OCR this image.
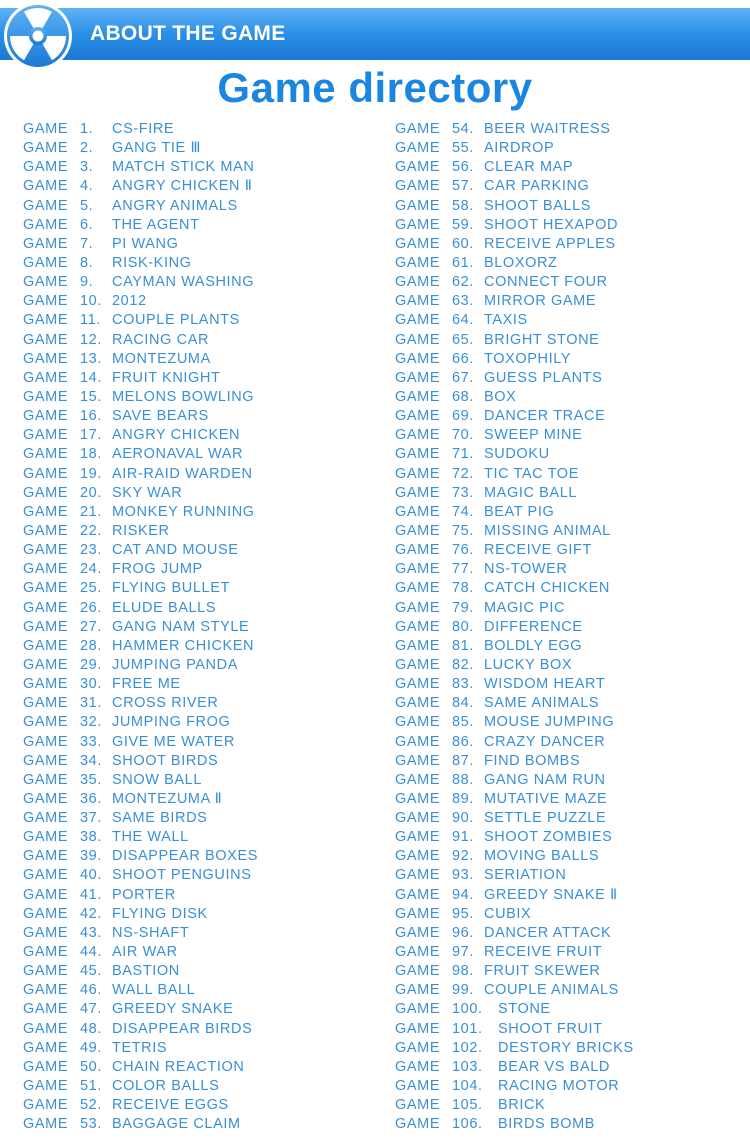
ABOUT THE GAME
Game directory
GAME 1. CS-FIRE
GAME 2. GANG TIE Ⅲ
GAME 3. MATCH STICK MAN
GAME 4. ANGRY CHICKEN Ⅱ
GAME 5. ANGRY ANIMALS
GAME 6. THE AGENT
GAME 7. PI WANG
GAME 8. RISK-KING
GAME 9. CAYMAN WASHING
GAME 10. 2012
GAME 11. COUPLE PLANTS
GAME 12. RACING CAR
GAME 13. MONTEZUMA
GAME 14. FRUIT KNIGHT
GAME 15. MELONS BOWLING
GAME 16. SAVE BEARS
GAME 17. ANGRY CHICKEN
GAME 18. AERONAVAL WAR
GAME 19. AIR-RAID WARDEN
GAME 20. SKY WAR
GAME 21. MONKEY RUNNING
GAME 22. RISKER
GAME 23. CAT AND MOUSE
GAME 24. FROG JUMP
GAME 25. FLYING BULLET
GAME 26. ELUDE BALLS
GAME 27. GANG NAM STYLE
GAME 28. HAMMER CHICKEN
GAME 29. JUMPING PANDA
GAME 30. FREE ME
GAME 31. CROSS RIVER
GAME 32. JUMPING FROG
GAME 33. GIVE ME WATER
GAME 34. SHOOT BIRDS
GAME 35. SNOW BALL
GAME 36. MONTEZUMA Ⅱ
GAME 37. SAME BIRDS
GAME 38. THE WALL
GAME 39. DISAPPEAR BOXES
GAME 40. SHOOT PENGUINS
GAME 41. PORTER
GAME 42. FLYING DISK
GAME 43. NS-SHAFT
GAME 44. AIR WAR
GAME 45. BASTION
GAME 46. WALL BALL
GAME 47. GREEDY SNAKE
GAME 48. DISAPPEAR BIRDS
GAME 49. TETRIS
GAME 50. CHAIN REACTION
GAME 51. COLOR BALLS
GAME 52. RECEIVE EGGS
GAME 53. BAGGAGE CLAIM
GAME 54. BEER WAITRESS
GAME 55. AIRDROP
GAME 56. CLEAR MAP
GAME 57. CAR PARKING
GAME 58. SHOOT BALLS
GAME 59. SHOOT HEXAPOD
GAME 60. RECEIVE APPLES
GAME 61. BLOXORZ
GAME 62. CONNECT FOUR
GAME 63. MIRROR GAME
GAME 64. TAXIS
GAME 65. BRIGHT STONE
GAME 66. TOXOPHILY
GAME 67. GUESS PLANTS
GAME 68. BOX
GAME 69. DANCER TRACE
GAME 70. SWEEP MINE
GAME 71. SUDOKU
GAME 72. TIC TAC TOE
GAME 73. MAGIC BALL
GAME 74. BEAT PIG
GAME 75. MISSING ANIMAL
GAME 76. RECEIVE GIFT
GAME 77. NS-TOWER
GAME 78. CATCH CHICKEN
GAME 79. MAGIC PIC
GAME 80. DIFFERENCE
GAME 81. BOLDLY EGG
GAME 82. LUCKY BOX
GAME 83. WISDOM HEART
GAME 84. SAME ANIMALS
GAME 85. MOUSE JUMPING
GAME 86. CRAZY DANCER
GAME 87. FIND BOMBS
GAME 88. GANG NAM RUN
GAME 89. MUTATIVE MAZE
GAME 90. SETTLE PUZZLE
GAME 91. SHOOT ZOMBIES
GAME 92. MOVING BALLS
GAME 93. SERIATION
GAME 94. GREEDY SNAKE Ⅱ
GAME 95. CUBIX
GAME 96. DANCER ATTACK
GAME 97. RECEIVE FRUIT
GAME 98. FRUIT SKEWER
GAME 99. COUPLE ANIMALS
GAME 100. STONE
GAME 101. SHOOT FRUIT
GAME 102. DESTORY BRICKS
GAME 103. BEAR VS BALD
GAME 104. RACING MOTOR
GAME 105. BRICK
GAME 106. BIRDS BOMB
